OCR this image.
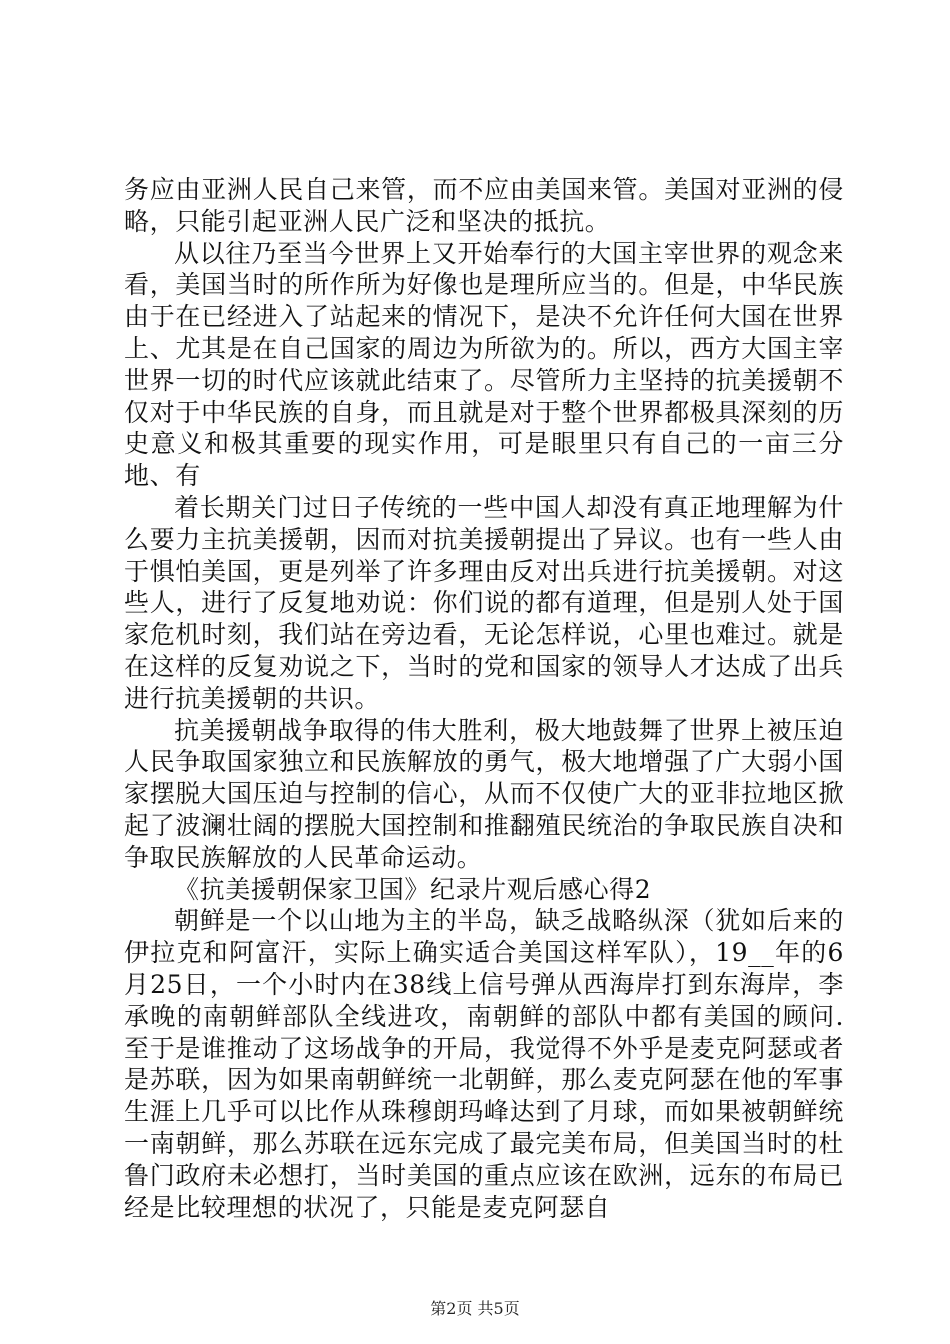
务应由亚洲人民自己来管，而不应由美国来管。美国对亚洲的侵略，只能引起亚洲人民广泛和坚决的抵抗。

从以往乃至当今世界上又开始奉行的大国主宰世界的观念来看，美国当时的所作所为好像也是理所应当的。但是，中华民族由于在已经进入了站起来的情况下，是决不允许任何大国在世界上、尤其是在自己国家的周边为所欲为的。所以，西方大国主宰世界一切的时代应该就此结束了。尽管所力主坚持的抗美援朝不仅对于中华民族的自身，而且就是对于整个世界都极具深刻的历史意义和极其重要的现实作用，可是眼里只有自己的一亩三分地、有

着长期关门过日子传统的一些中国人却没有真正地理解为什么要力主抗美援朝，因而对抗美援朝提出了异议。也有一些人由于惧怕美国，更是列举了许多理由反对出兵进行抗美援朝。对这些人，进行了反复地劝说：你们说的都有道理，但是别人处于国家危机时刻，我们站在旁边看，无论怎样说，心里也难过。就是在这样的反复劝说之下，当时的党和国家的领导人才达成了出兵进行抗美援朝的共识。

抗美援朝战争取得的伟大胜利，极大地鼓舞了世界上被压迫人民争取国家独立和民族解放的勇气，极大地增强了广大弱小国家摆脱大国压迫与控制的信心，从而不仅使广大的亚非拉地区掀起了波澜壮阔的摆脱大国控制和推翻殖民统治的争取民族自决和争取民族解放的人民革命运动。

《抗美援朝保家卫国》纪录片观后感心得2

朝鲜是一个以山地为主的半岛，缺乏战略纵深（犹如后来的伊拉克和阿富汗，实际上确实适合美国这样军队），19__年的6月25日，一个小时内在38线上信号弹从西海岸打到东海岸，李承晚的南朝鲜部队全线进攻，南朝鲜的部队中都有美国的顾问.至于是谁推动了这场战争的开局，我觉得不外乎是麦克阿瑟或者是苏联，因为如果南朝鲜统一北朝鲜，那么麦克阿瑟在他的军事生涯上几乎可以比作从珠穆朗玛峰达到了月球，而如果被朝鲜统一南朝鲜，那么苏联在远东完成了最完美布局，但美国当时的杜鲁门政府未必想打，当时美国的重点应该在欧洲，远东的布局已经是比较理想的状况了，只能是麦克阿瑟自

第2页 共5页
